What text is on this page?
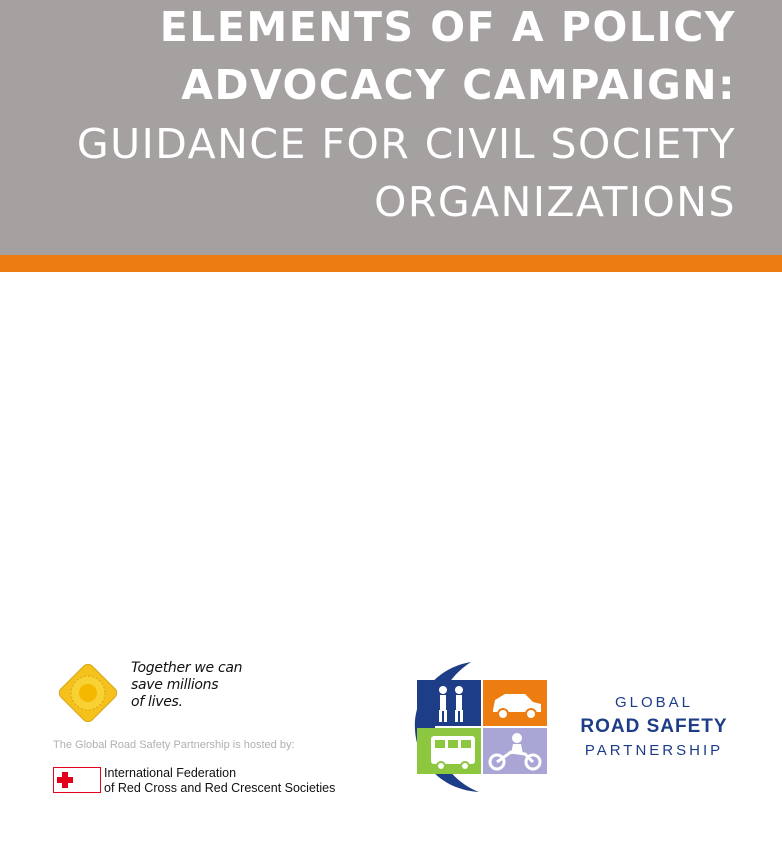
ELEMENTS OF A POLICY
ADVOCACY CAMPAIGN:
GUIDANCE FOR CIVIL SOCIETY
ORGANIZATIONS

Together we can
save millions
of lives.

The Global Road Safety Partnership is hosted by:

International Federation
of Red Cross and Red Crescent Societies

GLOBAL

ROAD SAFETY

PARTNERSHIP
